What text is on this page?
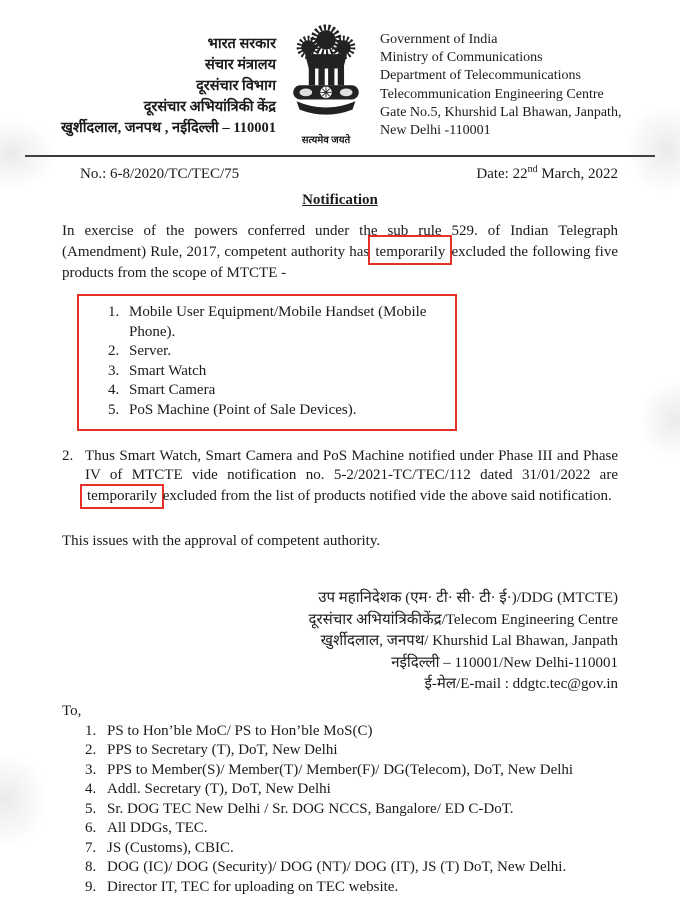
भारत सरकार
संचार मंत्रालय
दूरसंचार विभाग
दूरसंचार अभियांत्रिकी केंद्र
खुर्शीदलाल, जनपथ , नईदिल्ली – 110001
सत्यमेव जयते
Government of India
Ministry of Communications
Department of Telecommunications
Telecommunication Engineering Centre
Gate No.5, Khurshid Lal Bhawan, Janpath,
New Delhi -110001
No.: 6-8/2020/TC/TEC/75	Date: 22nd March, 2022
Notification

In exercise of the powers conferred under the sub rule 529. of Indian Telegraph (Amendment) Rule, 2017, competent authority has temporarily excluded the following five products from the scope of MTCTE -

1. Mobile User Equipment/Mobile Handset (Mobile Phone).
2. Server.
3. Smart Watch
4. Smart Camera
5. PoS Machine (Point of Sale Devices).
2. Thus Smart Watch, Smart Camera and PoS Machine notified under Phase III and Phase IV of MTCTE vide notification no. 5-2/2021-TC/TEC/112 dated 31/01/2022 are temporarily excluded from the list of products notified vide the above said notification.

This issues with the approval of competent authority.

उप महानिदेशक (एम· टी· सी· टी· ई·)/DDG (MTCTE)
दूरसंचार अभियांत्रिकीकेंद्र/Telecom Engineering Centre
खुर्शीदलाल, जनपथ/ Khurshid Lal Bhawan, Janpath
नईदिल्ली – 110001/New Delhi-110001
ई-मेल/E-mail : ddgtc.tec@gov.in
To,
1. PS to Hon’ble MoC/ PS to Hon’ble MoS(C)
2. PPS to Secretary (T), DoT, New Delhi
3. PPS to Member(S)/ Member(T)/ Member(F)/ DG(Telecom), DoT, New Delhi
4. Addl. Secretary (T), DoT, New Delhi
5. Sr. DOG TEC New Delhi / Sr. DOG NCCS, Bangalore/ ED C-DoT.
6. All DDGs, TEC.
7. JS (Customs), CBIC.
8. DOG (IC)/ DOG (Security)/ DOG (NT)/ DOG (IT), JS (T) DoT, New Delhi.
9. Director IT, TEC for uploading on TEC website.
